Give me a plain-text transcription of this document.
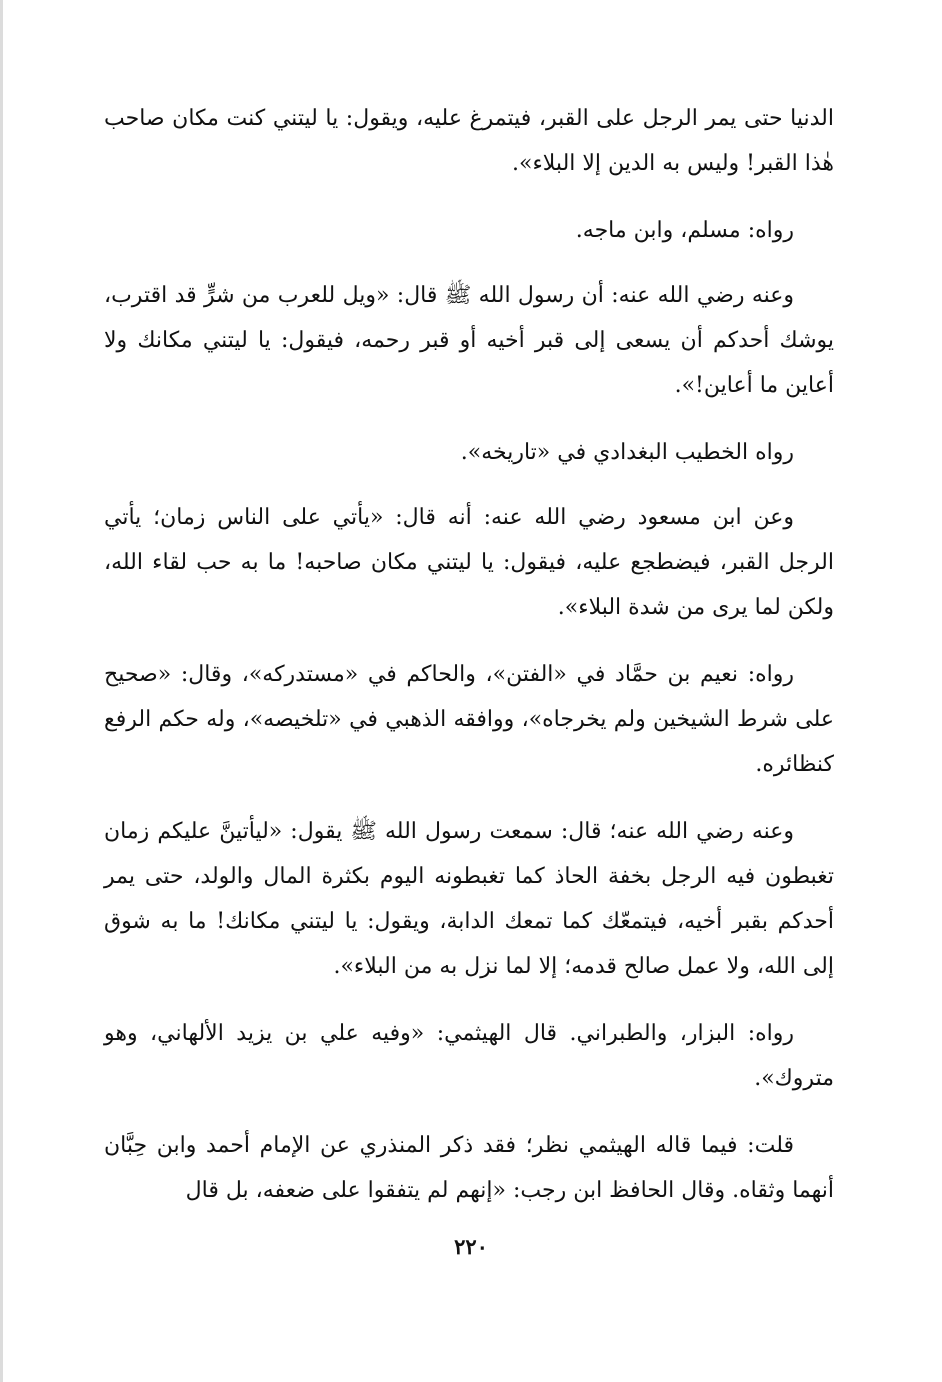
الدنيا حتى يمر الرجل على القبر، فيتمرغ عليه، ويقول: يا ليتني كنت مكان صاحب هٰذا القبر! وليس به الدين إلا البلاء».

رواه: مسلم، وابن ماجه.

وعنه رضي الله عنه: أن رسول الله ﷺ قال: «ويل للعرب من شرٍّ قد اقترب، يوشك أحدكم أن يسعى إلى قبر أخيه أو قبر رحمه، فيقول: يا ليتني مكانك ولا أعاين ما أعاين!».

رواه الخطيب البغدادي في «تاريخه».

وعن ابن مسعود رضي الله عنه: أنه قال: «يأتي على الناس زمان؛ يأتي الرجل القبر، فيضطجع عليه، فيقول: يا ليتني مكان صاحبه! ما به حب لقاء الله، ولكن لما يرى من شدة البلاء».

رواه: نعيم بن حمَّاد في «الفتن»، والحاكم في «مستدركه»، وقال: «صحيح على شرط الشيخين ولم يخرجاه»، ووافقه الذهبي في «تلخيصه»، وله حكم الرفع كنظائره.

وعنه رضي الله عنه؛ قال: سمعت رسول الله ﷺ يقول: «ليأتينَّ عليكم زمان تغبطون فيه الرجل بخفة الحاذ كما تغبطونه اليوم بكثرة المال والولد، حتى يمر أحدكم بقبر أخيه، فيتمعّك كما تمعك الدابة، ويقول: يا ليتني مكانك! ما به شوق إلى الله، ولا عمل صالح قدمه؛ إلا لما نزل به من البلاء».

رواه: البزار، والطبراني. قال الهيثمي: «وفيه علي بن يزيد الألهاني، وهو متروك».

قلت: فيما قاله الهيثمي نظر؛ فقد ذكر المنذري عن الإمام أحمد وابن حِبَّان أنهما وثقاه. وقال الحافظ ابن رجب: «إنهم لم يتفقوا على ضعفه، بل قال

٢٢٠
